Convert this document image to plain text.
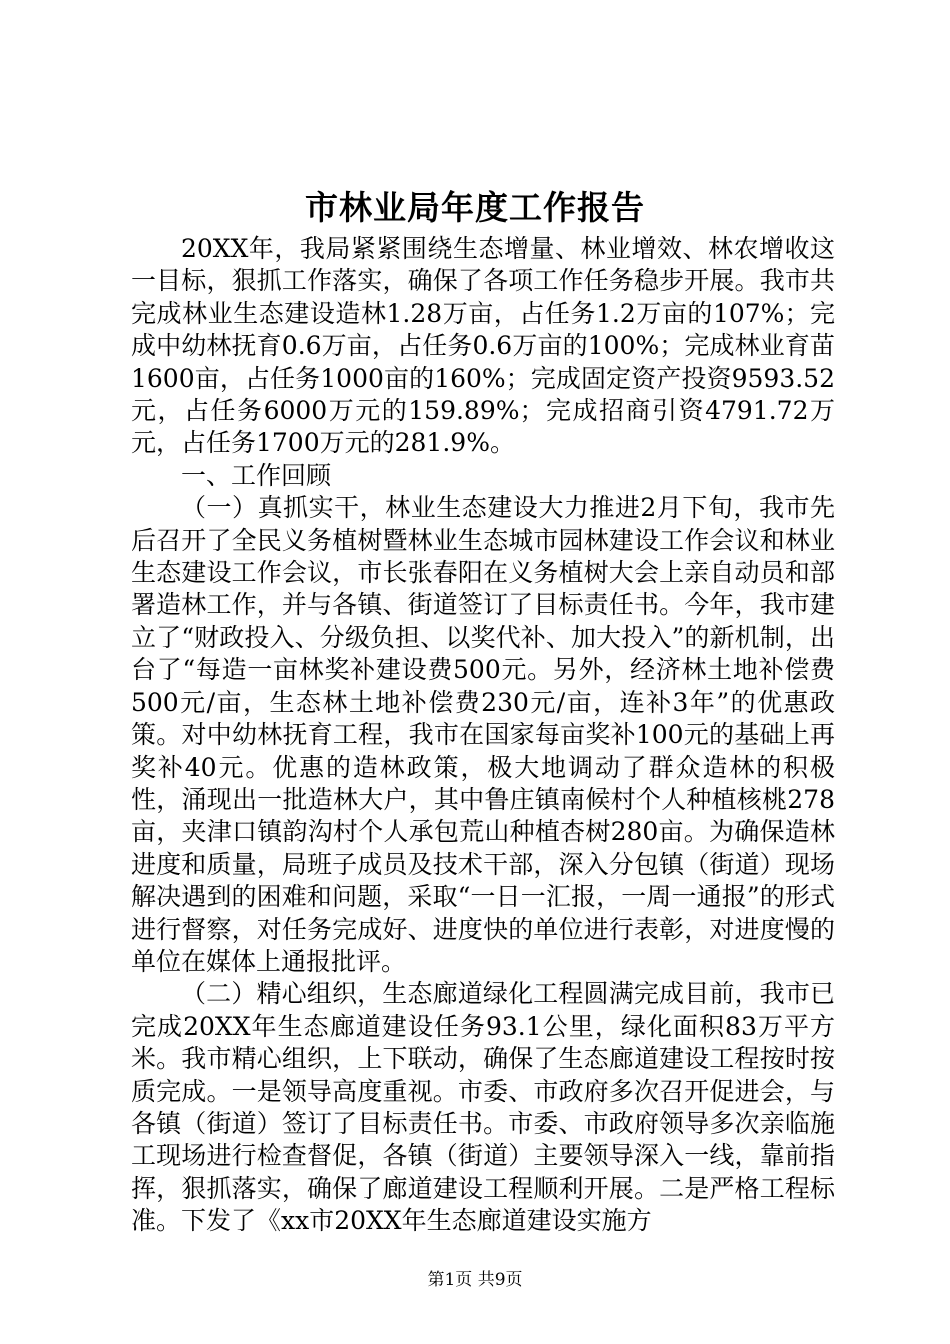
市林业局年度工作报告

20XX年，我局紧紧围绕生态增量、林业增效、林农增收这一目标，狠抓工作落实，确保了各项工作任务稳步开展。我市共完成林业生态建设造林1.28万亩，占任务1.2万亩的107%；完成中幼林抚育0.6万亩，占任务0.6万亩的100%；完成林业育苗1600亩，占任务1000亩的160%；完成固定资产投资9593.52元，占任务6000万元的159.89%；完成招商引资4791.72万元，占任务1700万元的281.9%。

一、工作回顾

（一）真抓实干，林业生态建设大力推进2月下旬，我市先后召开了全民义务植树暨林业生态城市园林建设工作会议和林业生态建设工作会议，市长张春阳在义务植树大会上亲自动员和部署造林工作，并与各镇、街道签订了目标责任书。今年，我市建立了“财政投入、分级负担、以奖代补、加大投入”的新机制，出台了“每造一亩林奖补建设费500元。另外，经济林土地补偿费500元/亩，生态林土地补偿费230元/亩，连补3年”的优惠政策。对中幼林抚育工程，我市在国家每亩奖补100元的基础上再奖补40元。优惠的造林政策，极大地调动了群众造林的积极性，涌现出一批造林大户，其中鲁庄镇南候村个人种植核桃278亩，夹津口镇韵沟村个人承包荒山种植杏树280亩。为确保造林进度和质量，局班子成员及技术干部，深入分包镇（街道）现场解决遇到的困难和问题，采取“一日一汇报，一周一通报”的形式进行督察，对任务完成好、进度快的单位进行表彰，对进度慢的单位在媒体上通报批评。

（二）精心组织，生态廊道绿化工程圆满完成目前，我市已完成20XX年生态廊道建设任务93.1公里，绿化面积83万平方米。我市精心组织，上下联动，确保了生态廊道建设工程按时按质完成。一是领导高度重视。市委、市政府多次召开促进会，与各镇（街道）签订了目标责任书。市委、市政府领导多次亲临施工现场进行检查督促，各镇（街道）主要领导深入一线，靠前指挥，狠抓落实，确保了廊道建设工程顺利开展。二是严格工程标准。下发了《xx市20XX年生态廊道建设实施方

第1页 共9页
